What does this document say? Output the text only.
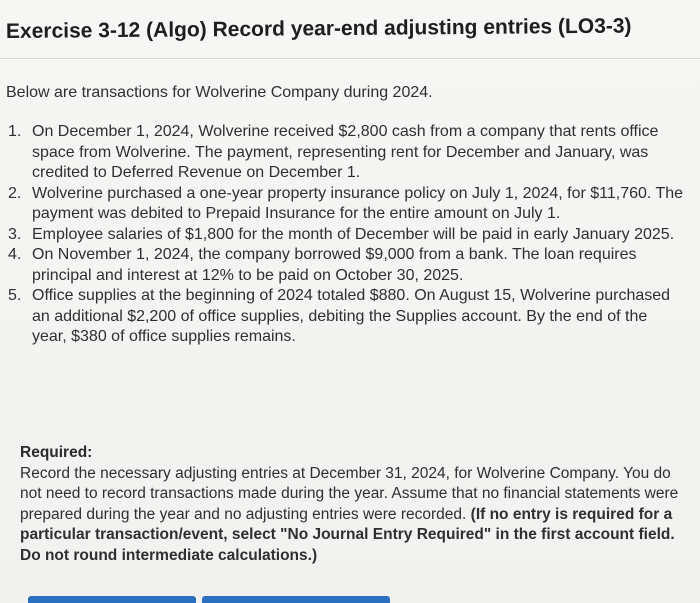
Exercise 3-12 (Algo) Record year-end adjusting entries (LO3-3)
Below are transactions for Wolverine Company during 2024.
1. On December 1, 2024, Wolverine received $2,800 cash from a company that rents office space from Wolverine. The payment, representing rent for December and January, was credited to Deferred Revenue on December 1.
2. Wolverine purchased a one-year property insurance policy on July 1, 2024, for $11,760. The payment was debited to Prepaid Insurance for the entire amount on July 1.
3. Employee salaries of $1,800 for the month of December will be paid in early January 2025.
4. On November 1, 2024, the company borrowed $9,000 from a bank. The loan requires principal and interest at 12% to be paid on October 30, 2025.
5. Office supplies at the beginning of 2024 totaled $880. On August 15, Wolverine purchased an additional $2,200 of office supplies, debiting the Supplies account. By the end of the year, $380 of office supplies remains.
Required:
Record the necessary adjusting entries at December 31, 2024, for Wolverine Company. You do not need to record transactions made during the year. Assume that no financial statements were prepared during the year and no adjusting entries were recorded. (If no entry is required for a particular transaction/event, select "No Journal Entry Required" in the first account field. Do not round intermediate calculations.)
